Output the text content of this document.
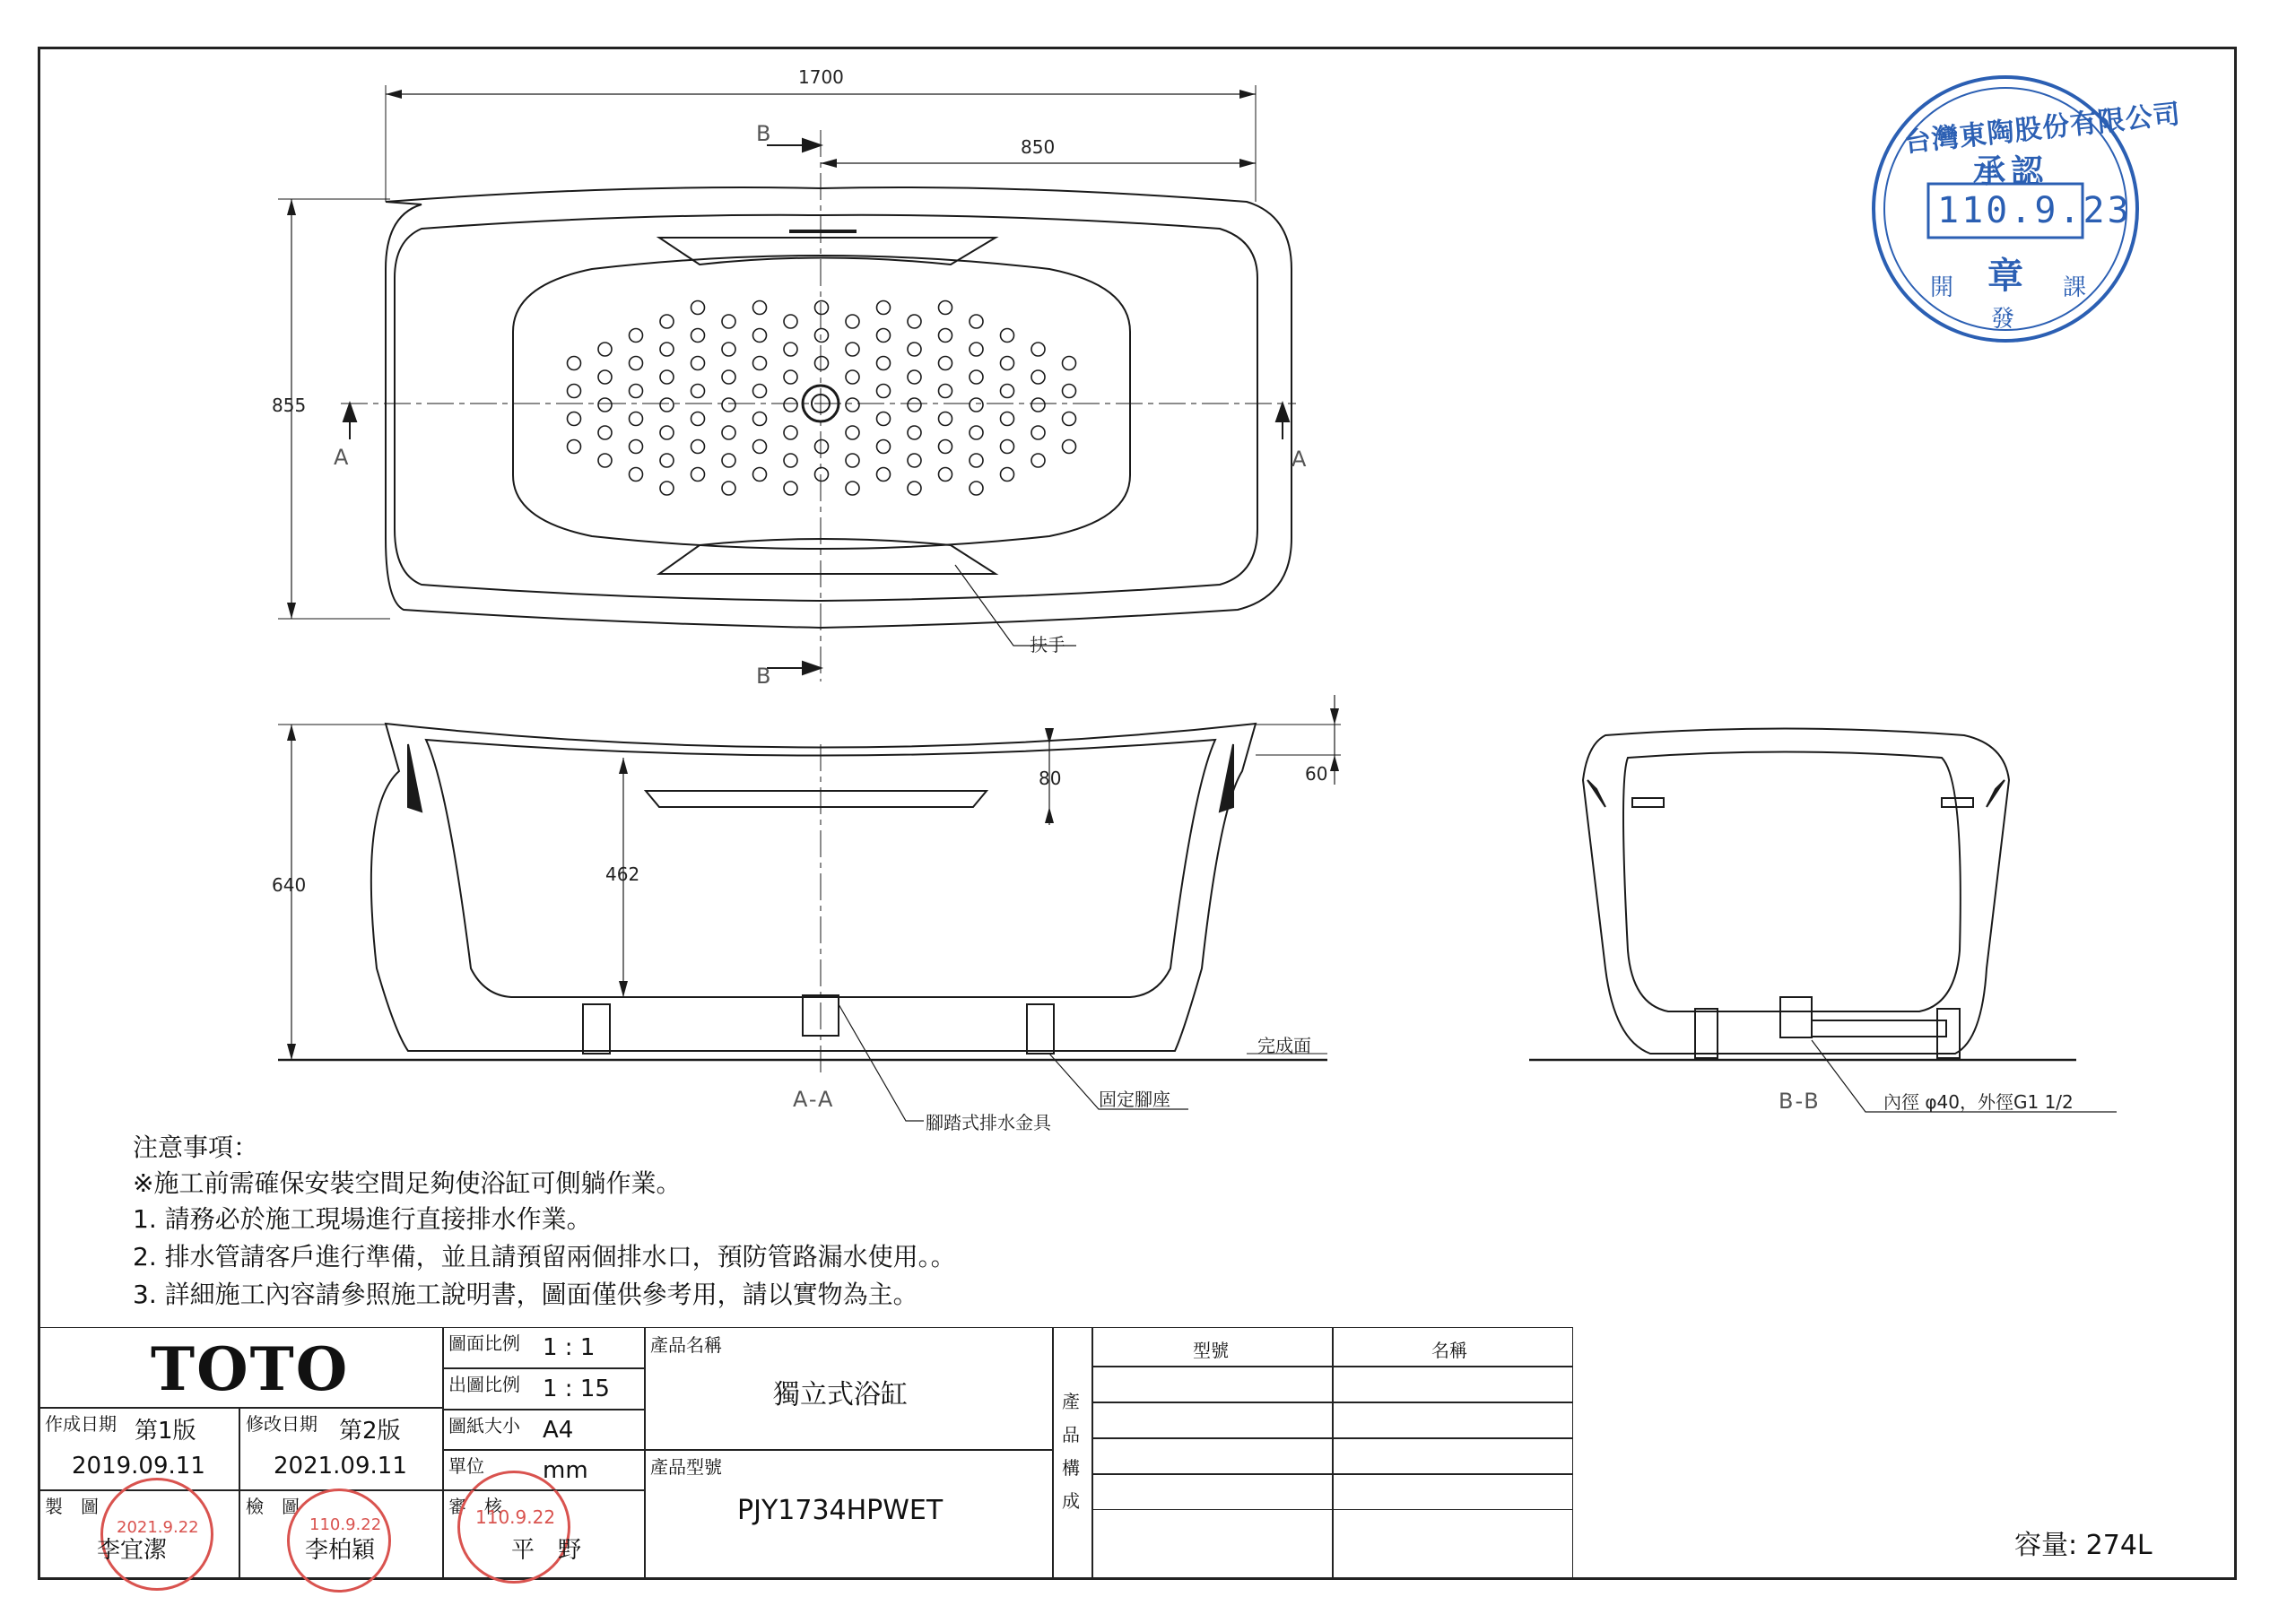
1700
850
855
B
B
A	A
扶手
640	462
80	60
完成面
A-A	B-B
腳踏式排水金具
固定腳座	內徑 φ40，外徑G1 1/2
台灣東陶股份有限公司
承認
110.9.23
章
開
發
課
注意事項：
※施工前需確保安裝空間足夠使浴缸可側躺作業。
1. 請務必於施工現場進行直接排水作業。
2. 排水管請客戶進行準備，並且請預留兩個排水口，預防管路漏水使用。。
3. 詳細施工內容請參照施工說明書，圖面僅供參考用，請以實物為主。
TOTO
作成日期 第1版
2019.09.11
修改日期 第2版
2021.09.11
製　圖	檢　圖	審　核
2021.9.22	110.9.22	110.9.22
李宜潔	李柏穎	平　野
圖面比例 1 : 1
出圖比例 1 : 15
圖紙大小 A4
單位	mm
產品名稱
獨立式浴缸
產品型號
PJY1734HPWET
產品構成
型號	名稱
容量: 274L
